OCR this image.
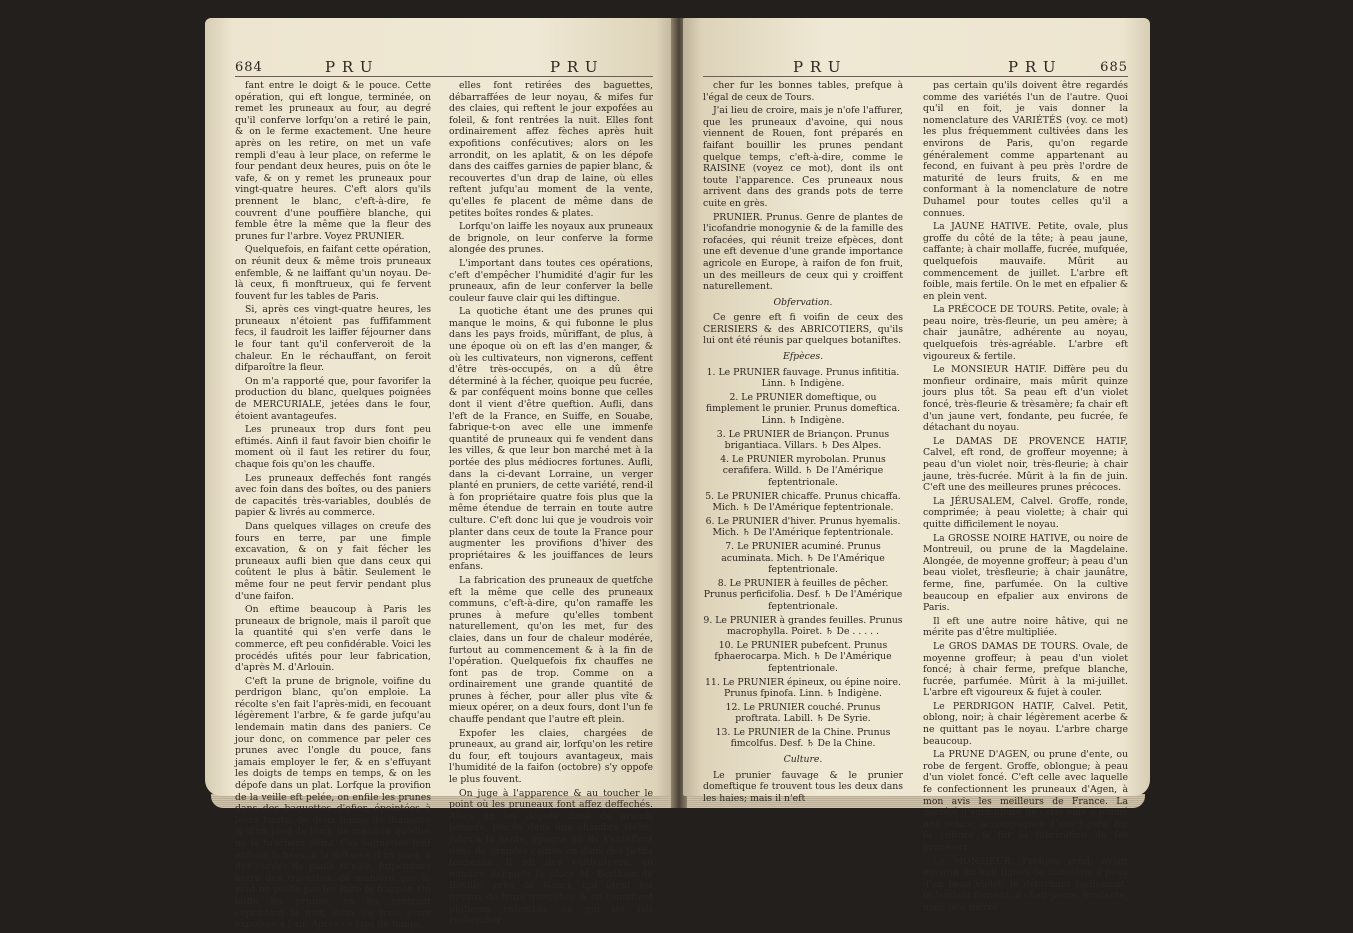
684	P R U	P R U

fant entre le doigt & le pouce. Cette opération, qui eft longue, terminée, on remet les pruneaux au four, au degré qu'il conferve lorfqu'on a retiré le pain, & on le ferme exactement. Une heure après on les retire, on met un vafe rempli d'eau à leur place, on referme le four pendant deux heures, puis on ôte le vafe, & on y remet les pruneaux pour vingt-quatre heures. C'eft alors qu'ils prennent le blanc, c'eft-à-dire, fe couvrent d'une pouffière blanche, qui femble être la même que la fleur des prunes fur l'arbre. Voyez PRUNIER.

Quelquefois, en faifant cette opération, on réunit deux & même trois pruneaux enfemble, & ne laiffant qu'un noyau. De-là ceux, fi monftrueux, qui fe fervent fouvent fur les tables de Paris.

Si, après ces vingt-quatre heures, les pruneaux n'étoient pas fuffifamment fecs, il faudroit les laiffer féjourner dans le four tant qu'il conferveroit de la chaleur. En le réchauffant, on feroit difparoître la fleur.

On m'a rapporté que, pour favorifer la production du blanc, quelques poignées de MERCURIALE, jetées dans le four, étoient avantageufes.

Les pruneaux trop durs font peu eftimés. Ainfi il faut favoir bien choifir le moment où il faut les retirer du four, chaque fois qu'on les chauffe.

Les pruneaux deffechés font rangés avec foin dans des boîtes, ou des paniers de capacités très-variables, doublés de papier & livrés au commerce.

Dans quelques villages on creufe des fours en terre, par une fimple excavation, & on y fait fécher les pruneaux aufli bien que dans ceux qui coûtent le plus à bâtir. Seulement le même four ne peut fervir pendant plus d'une faifon.

On eftime beaucoup à Paris les pruneaux de brignole, mais il paroît que la quantité qui s'en verfe dans le commerce, eft peu confidérable. Voici les procédés ufités pour leur fabrication, d'après M. d'Arlouin.

C'eft la prune de brignole, voifine du perdrigon blanc, qu'on emploie. La récolte s'en fait l'après-midi, en fecouant légèrement l'arbre, & fe garde jufqu'au lendemain matin dans des paniers. Ce jour donc, on commence par peler ces prunes avec l'ongle du pouce, fans jamais employer le fer, & en s'effuyant les doigts de temps en temps, & on les dépofe dans un plat. Lorfque la provifion de la veille eft pelée, on enfile les prunes dans des baguettes d'ofier, épointées à leurs bouts, de deux lignes de diamètre & d'un pied de long, de manière qu'elles ne fe touchent point. Ces baguettes font enfuite fichées, à la diftance d'un pied, à des cordes de paille ficelée, fufpendues entre des traverfes, de manière que le vent ne puiffe pas les faire fe frapper. On laiffe les prunes, en les rentrant cependant la nuit, deux ou trois jours expofées à l'air. Après ce laps de temps,

elles font retirées des baguettes, débarraffées de leur noyau, & mifes fur des claies, qui reftent le jour expofées au foleil, & font rentrées la nuit. Elles font ordinairement affez fèches après huit expofitions confécutives; alors on les arrondit, on les aplatit, & on les dépofe dans des caiffes garnies de papier blanc, & recouvertes d'un drap de laine, où elles reftent jufqu'au moment de la vente, qu'elles fe placent de même dans de petites boîtes rondes & plates.

Lorfqu'on laiffe les noyaux aux pruneaux de brignole, on leur conferve la forme alongée des prunes.

L'important dans toutes ces opérations, c'eft d'empêcher l'humidité d'agir fur les pruneaux, afin de leur conferver la belle couleur fauve clair qui les diftingue.

La quotiche étant une des prunes qui manque le moins, & qui fubonne le plus dans les pays froids, mûriffant, de plus, à une époque où on eft las d'en manger, & où les cultivateurs, non vignerons, ceffent d'être très-occupés, on a dû être déterminé à la fécher, quoique peu fucrée, & par conféquent moins bonne que celles dont il vient d'être queftion. Aufli, dans l'eft de la France, en Suiffe, en Souabe, fabrique-t-on avec elle une immenfe quantité de pruneaux qui fe vendent dans les villes, & que leur bon marché met à la portée des plus médiocres fortunes. Aufli, dans la ci-devant Lorraine, un verger planté en pruniers, de cette variété, rend-il à fon propriétaire quatre fois plus que la même étendue de terrain en toute autre culture. C'eft donc lui que je voudrois voir planter dans ceux de toute la France pour augmenter les provifions d'hiver des propriétaires & les jouiffances de leurs enfans.

La fabrication des pruneaux de quetfche eft la même que celle des pruneaux communs, c'eft-à-dire, qu'on ramaffe les prunes à mefure qu'elles tombent naturellement, qu'on les met, fur des claies, dans un four de chaleur modérée, furtout au commencement & à la fin de l'opération. Quelquefois fix chauffes ne font pas de trop. Comme on a ordinairement une grande quantité de prunes à fécher, pour aller plus vîte & mieux opérer, on a deux fours, dont l'un fe chauffe pendant que l'autre eft plein.

Expofer les claies, chargées de pruneaux, au grand air, lorfqu'on les retire du four, eft toujours avantageux, mais l'humidité de la faifon (octobre) s'y oppofe le plus fouvent.

On juge à l'apparence & au toucher le point où les pruneaux font affez deffechés. Alors on les dépofe dans de grands paniers, placés dans une chambre fèche, jufqu'à la vente, époque où ils s'entaffent dans de grandes caiffes ou dans des petits tonneaux. Il eft des cultivateurs, au nombre defquels fe place M. Berthier de Roville, près de Nanci, qui ôtent les noyaux de leurs quetfches & en réuniffent plufieurs enfemble, ce qui les fait rechercher

P R U	P R U	685

cher fur les bonnes tables, prefque à l'égal de ceux de Tours.

J'ai lieu de croire, mais je n'ofe l'affurer, que les pruneaux d'avoine, qui nous viennent de Rouen, font préparés en faifant bouillir les prunes pendant quelque temps, c'eft-à-dire, comme le RAISINE (voyez ce mot), dont ils ont toute l'apparence. Ces pruneaux nous arrivent dans des grands pots de terre cuite en grès.

PRUNIER. Prunus. Genre de plantes de l'icofandrie monogynie & de la famille des rofacées, qui réunit treize efpèces, dont une eft devenue d'une grande importance agricole en Europe, à raifon de fon fruit, un des meilleurs de ceux qui y croiffent naturellement.

Obfervation.

Ce genre eft fi voifin de ceux des CERISIERS & des ABRICOTIERS, qu'ils lui ont été réunis par quelques botaniftes.

Efpèces.

1. Le PRUNIER fauvage. Prunus infititia. Linn. ♄ Indigène.

2. Le PRUNIER domeftique, ou fimplement le prunier. Prunus domeftica. Linn. ♄ Indigène.

3. Le PRUNIER de Briançon. Prunus brigantiaca. Villars. ♄ Des Alpes.

4. Le PRUNIER myrobolan. Prunus cerafifera. Willd. ♄ De l'Amérique feptentrionale.

5. Le PRUNIER chicaffe. Prunus chicaffa. Mich. ♄ De l'Amérique feptentrionale.

6. Le PRUNIER d'hiver. Prunus hyemalis. Mich. ♄ De l'Amérique feptentrionale.

7. Le PRUNIER acuminé. Prunus acuminata. Mich. ♄ De l'Amérique feptentrionale.

8. Le PRUNIER à feuilles de pêcher. Prunus perficifolia. Desf. ♄ De l'Amérique feptentrionale.

9. Le PRUNIER à grandes feuilles. Prunus macrophylla. Poiret. ♄ De . . . . .

10. Le PRUNIER pubefcent. Prunus fphaerocarpa. Mich. ♄ De l'Amérique feptentrionale.

11. Le PRUNIER épineux, ou épine noire. Prunus fpinofa. Linn. ♄ Indigène.

12. Le PRUNIER couché. Prunus proftrata. Labill. ♄ De Syrie.

13. Le PRUNIER de la Chine. Prunus fimcolfus. Desf. ♄ De la Chine.

Culture.

Le prunier fauvage & le prunier domeftique fe trouvent tous les deux dans les haies; mais il n'eft

pas certain qu'ils doivent être regardés comme des variétés l'un de l'autre. Quoi qu'il en foit, je vais donner la nomenclature des VARIÉTÉS (voy. ce mot) les plus fréquemment cultivées dans les environs de Paris, qu'on regarde généralement comme appartenant au fecond, en fuivant à peu près l'ordre de maturité de leurs fruits, & en me conformant à la nomenclature de notre Duhamel pour toutes celles qu'il a connues.

La JAUNE HATIVE. Petite, ovale, plus groffe du côté de la tête; à peau jaune, caffante; à chair mollaffe, fucrée, mufquée, quelquefois mauvaife. Mûrit au commencement de juillet. L'arbre eft foible, mais fertile. On le met en efpalier & en plein vent.

La PRÉCOCE DE TOURS. Petite, ovale; à peau noire, très-fleurie, un peu amère; à chair jaunâtre, adhérente au noyau, quelquefois très-agréable. L'arbre eft vigoureux & fertile.

Le MONSIEUR HATIF. Diffère peu du monfieur ordinaire, mais mûrit quinze jours plus tôt. Sa peau eft d'un violet foncé, très-fleurie & trèsamère; fa chair eft d'un jaune vert, fondante, peu fucrée, fe détachant du noyau.

Le DAMAS DE PROVENCE HATIF, Calvel, eft rond, de groffeur moyenne; à peau d'un violet noir, très-fleurie; à chair jaune, très-fucrée. Mûrit à la fin de juin. C'eft une des meilleures prunes précoces.

La JÉRUSALEM, Calvel. Groffe, ronde, comprimée; à peau violette; à chair qui quitte difficilement le noyau.

La GROSSE NOIRE HATIVE, ou noire de Montreuil, ou prune de la Magdelaine. Alongée, de moyenne groffeur; à peau d'un beau violet, trèsfleurie; à chair jaunâtre, ferme, fine, parfumée. On la cultive beaucoup en efpalier aux environs de Paris.

Il eft une autre noire hâtive, qui ne mérite pas d'être multipliée.

Le GROS DAMAS DE TOURS. Ovale, de moyenne groffeur; à peau d'un violet foncé; à chair ferme, prefque blanche, fucrée, parfumée. Mûrit à la mi-juillet. L'arbre eft vigoureux & fujet à couler.

Le PERDRIGON HATIF, Calvel. Petit, oblong, noir; à chair légèrement acerbe & ne quittant pas le noyau. L'arbre charge beaucoup.

La PRUNE D'AGEN, ou prune d'ente, ou robe de fergent. Groffe, oblongue; à peau d'un violet foncé. C'eft celle avec laquelle fe confectionnent les pruneaux d'Agen, à mon avis les meilleurs de France. La Société d'agriculture de cette ville a publié une notice, accompagnée d'une figure, fur fa culture & fur la fabrication de fes pruneaux.

Le MONSIEUR. Prefque rond, ayant environ dix-huit lignes de diamètre; à peau d'un beau violet, fe détachant facilement, fe fendant fouvent; à chair jaune, fondante, mais peu fucrée
